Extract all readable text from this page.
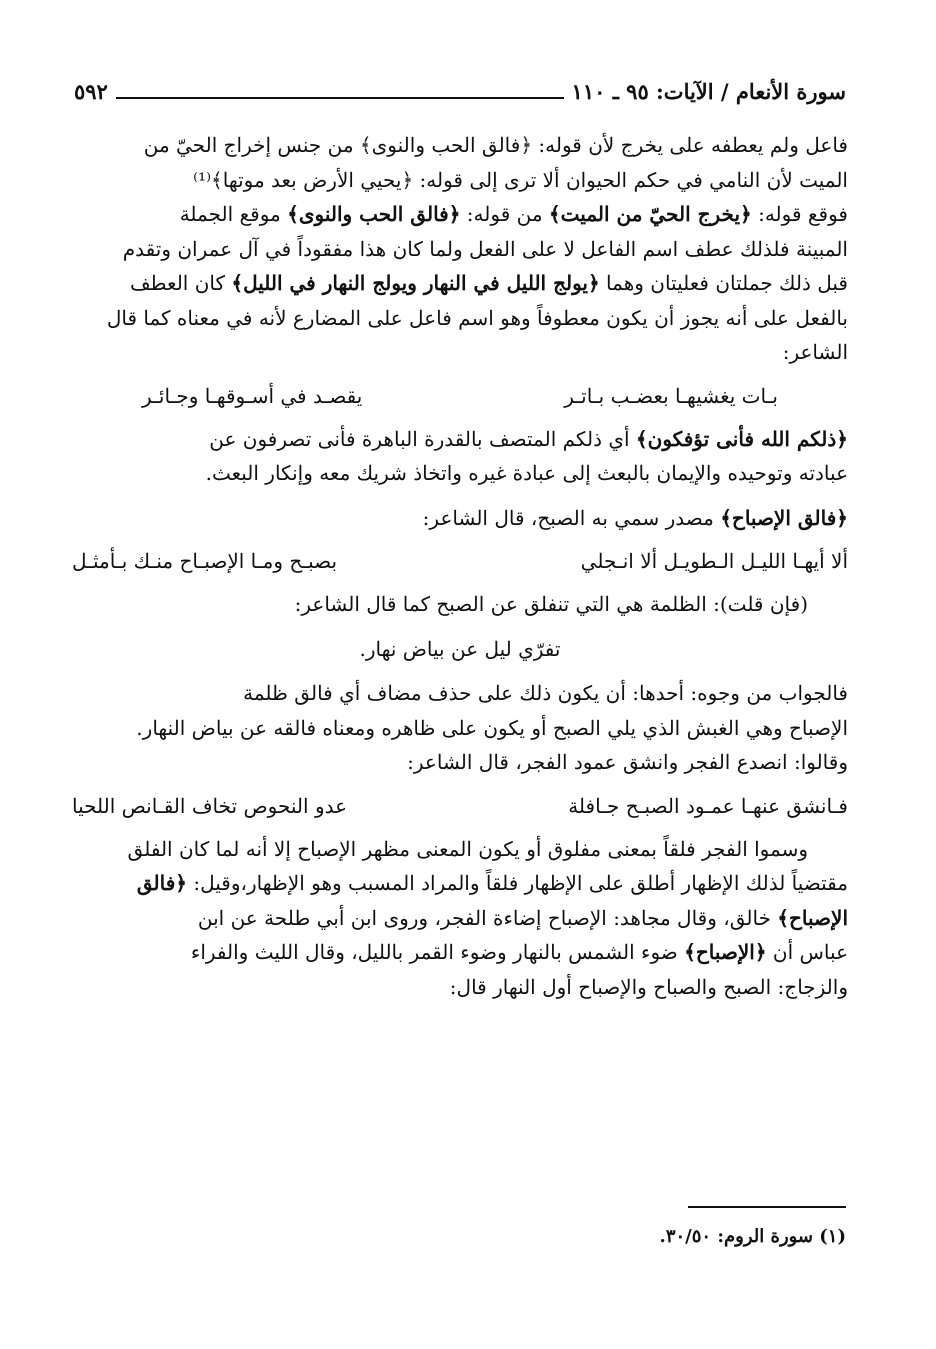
٥٩٢	سورة الأنعام / الآيات: ٩٥ ـ ١١٠

فاعل ولم يعطفه على يخرج لأن قوله: ﴿فالق الحب والنوى﴾ من جنس إخراج الحيّ من

الميت لأن النامي في حكم الحيوان ألا ترى إلى قوله: ﴿يحيي الأرض بعد موتها﴾⁽¹⁾

فوقع قوله: ﴿يخرج الحيّ من الميت﴾ من قوله: ﴿فالق الحب والنوى﴾ موقع الجملة

المبينة فلذلك عطف اسم الفاعل لا على الفعل ولما كان هذا مفقوداً في آل عمران وتقدم

قبل ذلك جملتان فعليتان وهما ﴿يولج الليل في النهار ويولج النهار في الليل﴾ كان العطف

بالفعل على أنه يجوز أن يكون معطوفاً وهو اسم فاعل على المضارع لأنه في معناه كما قال

الشاعر:

بـات يغشيهـا بعضـب بـاتـر
يقصـد في أسـوقهـا وجـائـر

﴿ذلكم الله فأنى تؤفكون﴾ أي ذلكم المتصف بالقدرة الباهرة فأنى تصرفون عن

عبادته وتوحيده والإيمان بالبعث إلى عبادة غيره واتخاذ شريك معه وإنكار البعث.

﴿فالق الإصباح﴾ مصدر سمي به الصبح، قال الشاعر:

ألا أيهـا الليـل الـطويـل ألا انـجلي
بصبـح ومـا الإصبـاح منـك بـأمثـل

(فإن قلت): الظلمة هي التي تنفلق عن الصبح كما قال الشاعر:

تفرّي ليل عن بياض نهار.

فالجواب من وجوه: أحدها: أن يكون ذلك على حذف مضاف أي فالق ظلمة

الإصباح وهي الغبش الذي يلي الصبح أو يكون على ظاهره ومعناه فالقه عن بياض النهار.

وقالوا: انصدع الفجر وانشق عمود الفجر، قال الشاعر:

فـانشق عنهـا عمـود الصبـح جـافلة
عدو النحوص تخاف القـانص اللحيا

وسموا الفجر فلقاً بمعنى مفلوق أو يكون المعنى مظهر الإصباح إلا أنه لما كان الفلق

مقتضياً لذلك الإظهار أطلق على الإظهار فلقاً والمراد المسبب وهو الإظهار،وقيل: ﴿فالق

الإصباح﴾ خالق، وقال مجاهد: الإصباح إضاءة الفجر، وروى ابن أبي طلحة عن ابن

عباس أن ﴿الإصباح﴾ ضوء الشمس بالنهار وضوء القمر بالليل، وقال الليث والفراء

والزجاج: الصبح والصباح والإصباح أول النهار قال:

(١) سورة الروم: ٣٠/٥٠.
